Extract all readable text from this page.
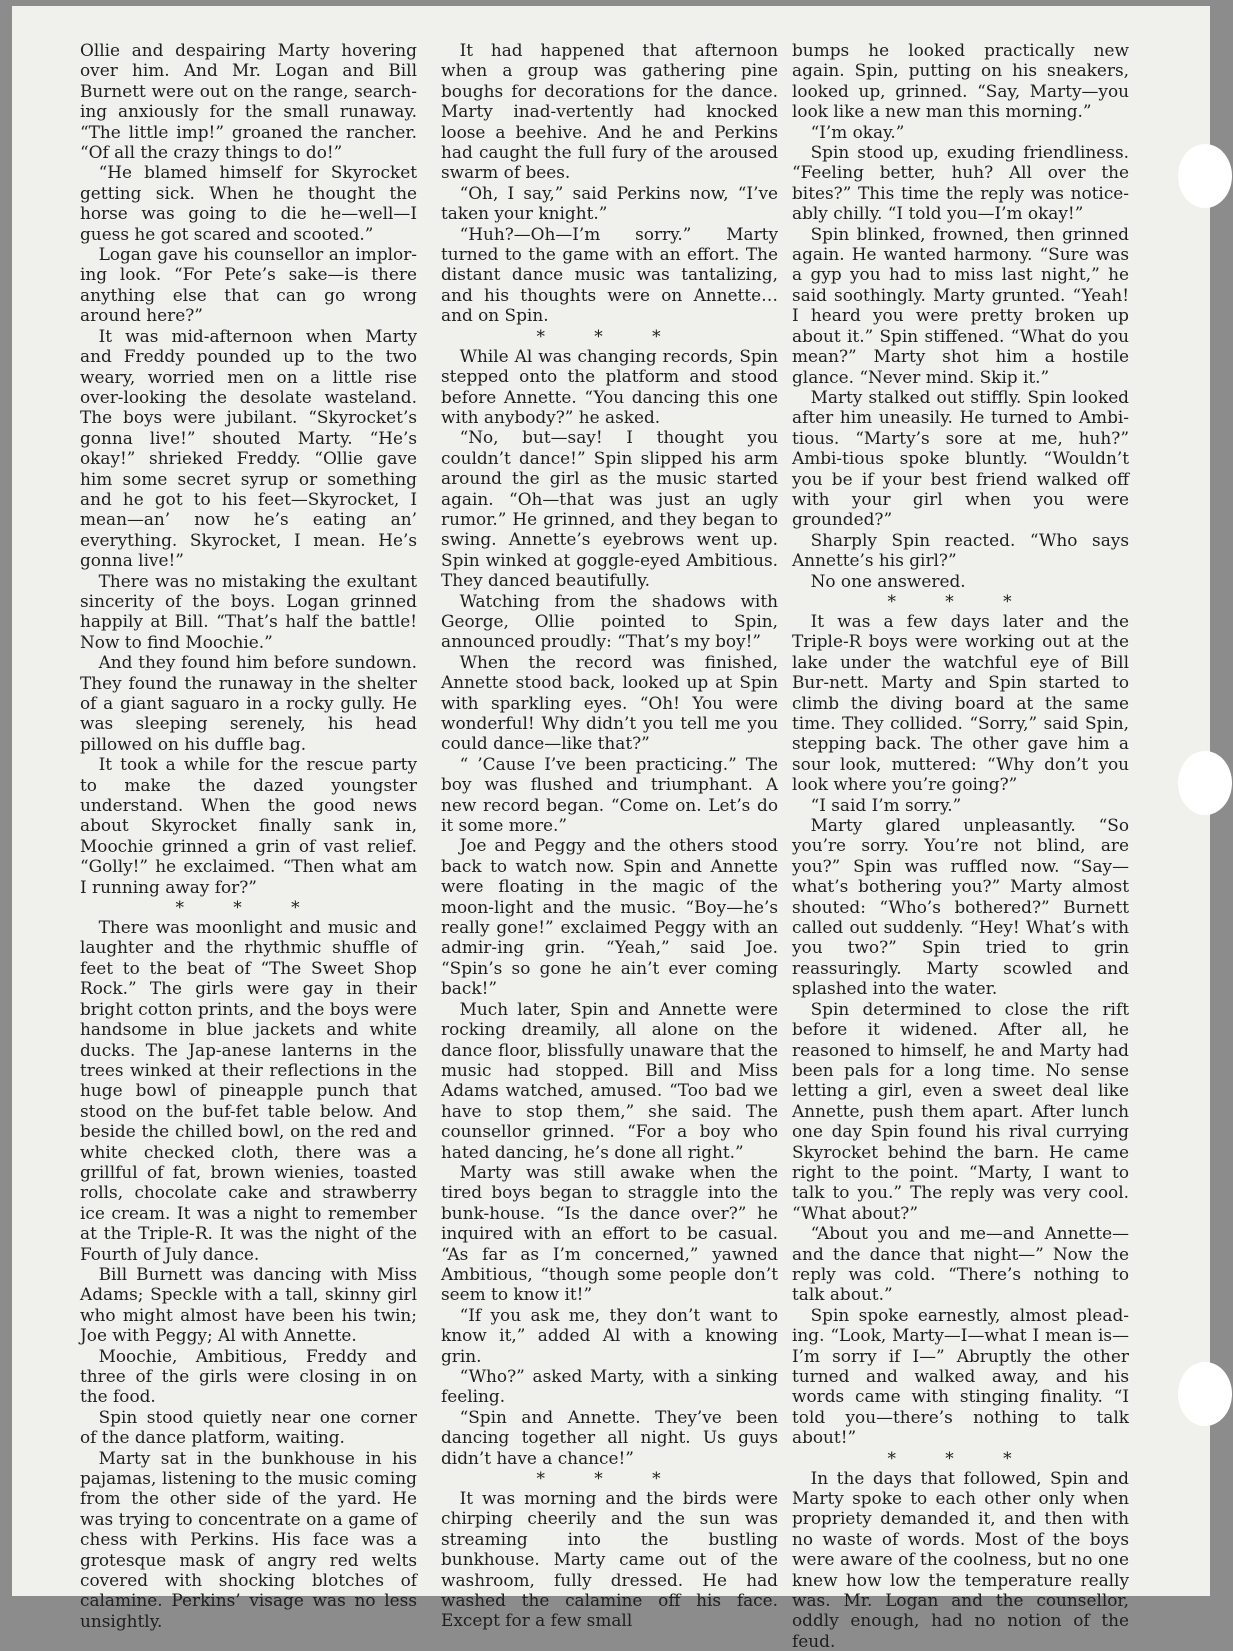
Ollie and despairing Marty hovering over him. And Mr. Logan and Bill Burnett were out on the range, search-ing anxiously for the small runaway. “The little imp!” groaned the rancher. “Of all the crazy things to do!”

“He blamed himself for Skyrocket getting sick. When he thought the horse was going to die he—well—I guess he got scared and scooted.”

Logan gave his counsellor an implor-ing look. “For Pete’s sake—is there anything else that can go wrong around here?”

It was mid-afternoon when Marty and Freddy pounded up to the two weary, worried men on a little rise over-looking the desolate wasteland. The boys were jubilant. “Skyrocket’s gonna live!” shouted Marty. “He’s okay!” shrieked Freddy. “Ollie gave him some secret syrup or something and he got to his feet—Skyrocket, I mean—an’ now he’s eating an’ everything. Skyrocket, I mean. He’s gonna live!”

There was no mistaking the exultant sincerity of the boys. Logan grinned happily at Bill. “That’s half the battle! Now to find Moochie.”

And they found him before sundown. They found the runaway in the shelter of a giant saguaro in a rocky gully. He was sleeping serenely, his head pillowed on his duffle bag.

It took a while for the rescue party to make the dazed youngster understand. When the good news about Skyrocket finally sank in, Moochie grinned a grin of vast relief. “Golly!” he exclaimed. “Then what am I running away for?”

* * *

There was moonlight and music and laughter and the rhythmic shuffle of feet to the beat of “The Sweet Shop Rock.” The girls were gay in their bright cotton prints, and the boys were handsome in blue jackets and white ducks. The Jap-anese lanterns in the trees winked at their reflections in the huge bowl of pineapple punch that stood on the buf-fet table below. And beside the chilled bowl, on the red and white checked cloth, there was a grillful of fat, brown wienies, toasted rolls, chocolate cake and strawberry ice cream. It was a night to remember at the Triple-R. It was the night of the Fourth of July dance.

Bill Burnett was dancing with Miss Adams; Speckle with a tall, skinny girl who might almost have been his twin; Joe with Peggy; Al with Annette.

Moochie, Ambitious, Freddy and three of the girls were closing in on the food.

Spin stood quietly near one corner of the dance platform, waiting.

Marty sat in the bunkhouse in his pajamas, listening to the music coming from the other side of the yard. He was trying to concentrate on a game of chess with Perkins. His face was a grotesque mask of angry red welts covered with shocking blotches of calamine. Perkins’ visage was no less unsightly.

It had happened that afternoon when a group was gathering pine boughs for decorations for the dance. Marty inad-vertently had knocked loose a beehive. And he and Perkins had caught the full fury of the aroused swarm of bees.

“Oh, I say,” said Perkins now, “I’ve taken your knight.”

“Huh?—Oh—I’m sorry.” Marty turned to the game with an effort. The distant dance music was tantalizing, and his thoughts were on Annette… and on Spin.

* * *

While Al was changing records, Spin stepped onto the platform and stood before Annette. “You dancing this one with anybody?” he asked.

“No, but—say! I thought you couldn’t dance!” Spin slipped his arm around the girl as the music started again. “Oh—that was just an ugly rumor.” He grinned, and they began to swing. Annette’s eyebrows went up. Spin winked at goggle-eyed Ambitious. They danced beautifully.

Watching from the shadows with George, Ollie pointed to Spin, announced proudly: “That’s my boy!”

When the record was finished, Annette stood back, looked up at Spin with sparkling eyes. “Oh! You were wonderful! Why didn’t you tell me you could dance—like that?”

“ ’Cause I’ve been practicing.” The boy was flushed and triumphant. A new record began. “Come on. Let’s do it some more.”

Joe and Peggy and the others stood back to watch now. Spin and Annette were floating in the magic of the moon-light and the music. “Boy—he’s really gone!” exclaimed Peggy with an admir-ing grin. “Yeah,” said Joe. “Spin’s so gone he ain’t ever coming back!”

Much later, Spin and Annette were rocking dreamily, all alone on the dance floor, blissfully unaware that the music had stopped. Bill and Miss Adams watched, amused. “Too bad we have to stop them,” she said. The counsellor grinned. “For a boy who hated dancing, he’s done all right.”

Marty was still awake when the tired boys began to straggle into the bunk-house. “Is the dance over?” he inquired with an effort to be casual. “As far as I’m concerned,” yawned Ambitious, “though some people don’t seem to know it!”

“If you ask me, they don’t want to know it,” added Al with a knowing grin.

“Who?” asked Marty, with a sinking feeling.

“Spin and Annette. They’ve been dancing together all night. Us guys didn’t have a chance!”

* * *

It was morning and the birds were chirping cheerily and the sun was streaming into the bustling bunkhouse. Marty came out of the washroom, fully dressed. He had washed the calamine off his face. Except for a few small

bumps he looked practically new again. Spin, putting on his sneakers, looked up, grinned. “Say, Marty—you look like a new man this morning.”

“I’m okay.”

Spin stood up, exuding friendliness. “Feeling better, huh? All over the bites?” This time the reply was notice-ably chilly. “I told you—I’m okay!”

Spin blinked, frowned, then grinned again. He wanted harmony. “Sure was a gyp you had to miss last night,” he said soothingly. Marty grunted. “Yeah! I heard you were pretty broken up about it.” Spin stiffened. “What do you mean?” Marty shot him a hostile glance. “Never mind. Skip it.”

Marty stalked out stiffly. Spin looked after him uneasily. He turned to Ambi-tious. “Marty’s sore at me, huh?” Ambi-tious spoke bluntly. “Wouldn’t you be if your best friend walked off with your girl when you were grounded?”

Sharply Spin reacted. “Who says Annette’s his girl?”

No one answered.

* * *

It was a few days later and the Triple-R boys were working out at the lake under the watchful eye of Bill Bur-nett. Marty and Spin started to climb the diving board at the same time. They collided. “Sorry,” said Spin, stepping back. The other gave him a sour look, muttered: “Why don’t you look where you’re going?”

“I said I’m sorry.”

Marty glared unpleasantly. “So you’re sorry. You’re not blind, are you?” Spin was ruffled now. “Say—what’s bothering you?” Marty almost shouted: “Who’s bothered?” Burnett called out suddenly. “Hey! What’s with you two?” Spin tried to grin reassuringly. Marty scowled and splashed into the water.

Spin determined to close the rift before it widened. After all, he reasoned to himself, he and Marty had been pals for a long time. No sense letting a girl, even a sweet deal like Annette, push them apart. After lunch one day Spin found his rival currying Skyrocket behind the barn. He came right to the point. “Marty, I want to talk to you.” The reply was very cool. “What about?”

“About you and me—and Annette—and the dance that night—” Now the reply was cold. “There’s nothing to talk about.”

Spin spoke earnestly, almost plead-ing. “Look, Marty—I—what I mean is—I’m sorry if I—” Abruptly the other turned and walked away, and his words came with stinging finality. “I told you—there’s nothing to talk about!”

* * *

In the days that followed, Spin and Marty spoke to each other only when propriety demanded it, and then with no waste of words. Most of the boys were aware of the coolness, but no one knew how low the temperature really was. Mr. Logan and the counsellor, oddly enough, had no notion of the feud.
